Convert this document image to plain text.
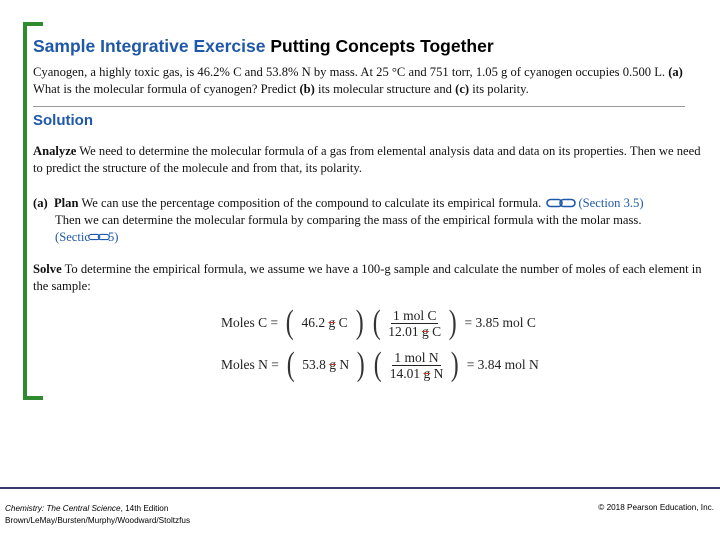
Sample Integrative Exercise Putting Concepts Together
Cyanogen, a highly toxic gas, is 46.2% C and 53.8% N by mass. At 25 °C and 751 torr, 1.05 g of cyanogen occupies 0.500 L. (a) What is the molecular formula of cyanogen? Predict (b) its molecular structure and (c) its polarity.
Solution
Analyze We need to determine the molecular formula of a gas from elemental analysis data and data on its properties. Then we need to predict the structure of the molecule and from that, its polarity.
(a) Plan We can use the percentage composition of the compound to calculate its empirical formula.	(Section 3.5)
Then we can determine the molecular formula by comparing the mass of the empirical formula with the molar mass.
(Sectic 5)
Solve To determine the empirical formula, we assume we have a 100-g sample and calculate the number of moles of each element in the sample:
Moles C = ( 46.2 g C ) ( $\frac{\text{1 mol C}}{\text{12.01 g C}}$ ) = 3.85 mol C
Moles N = ( 53.8 g N ) ( $\frac{\text{1 mol N}}{\text{14.01 g N}}$ ) = 3.84 mol N
Chemistry: The Central Science, 14th Edition
Brown/LeMay/Bursten/Murphy/Woodward/Stoltzfus
© 2018 Pearson Education, Inc.
